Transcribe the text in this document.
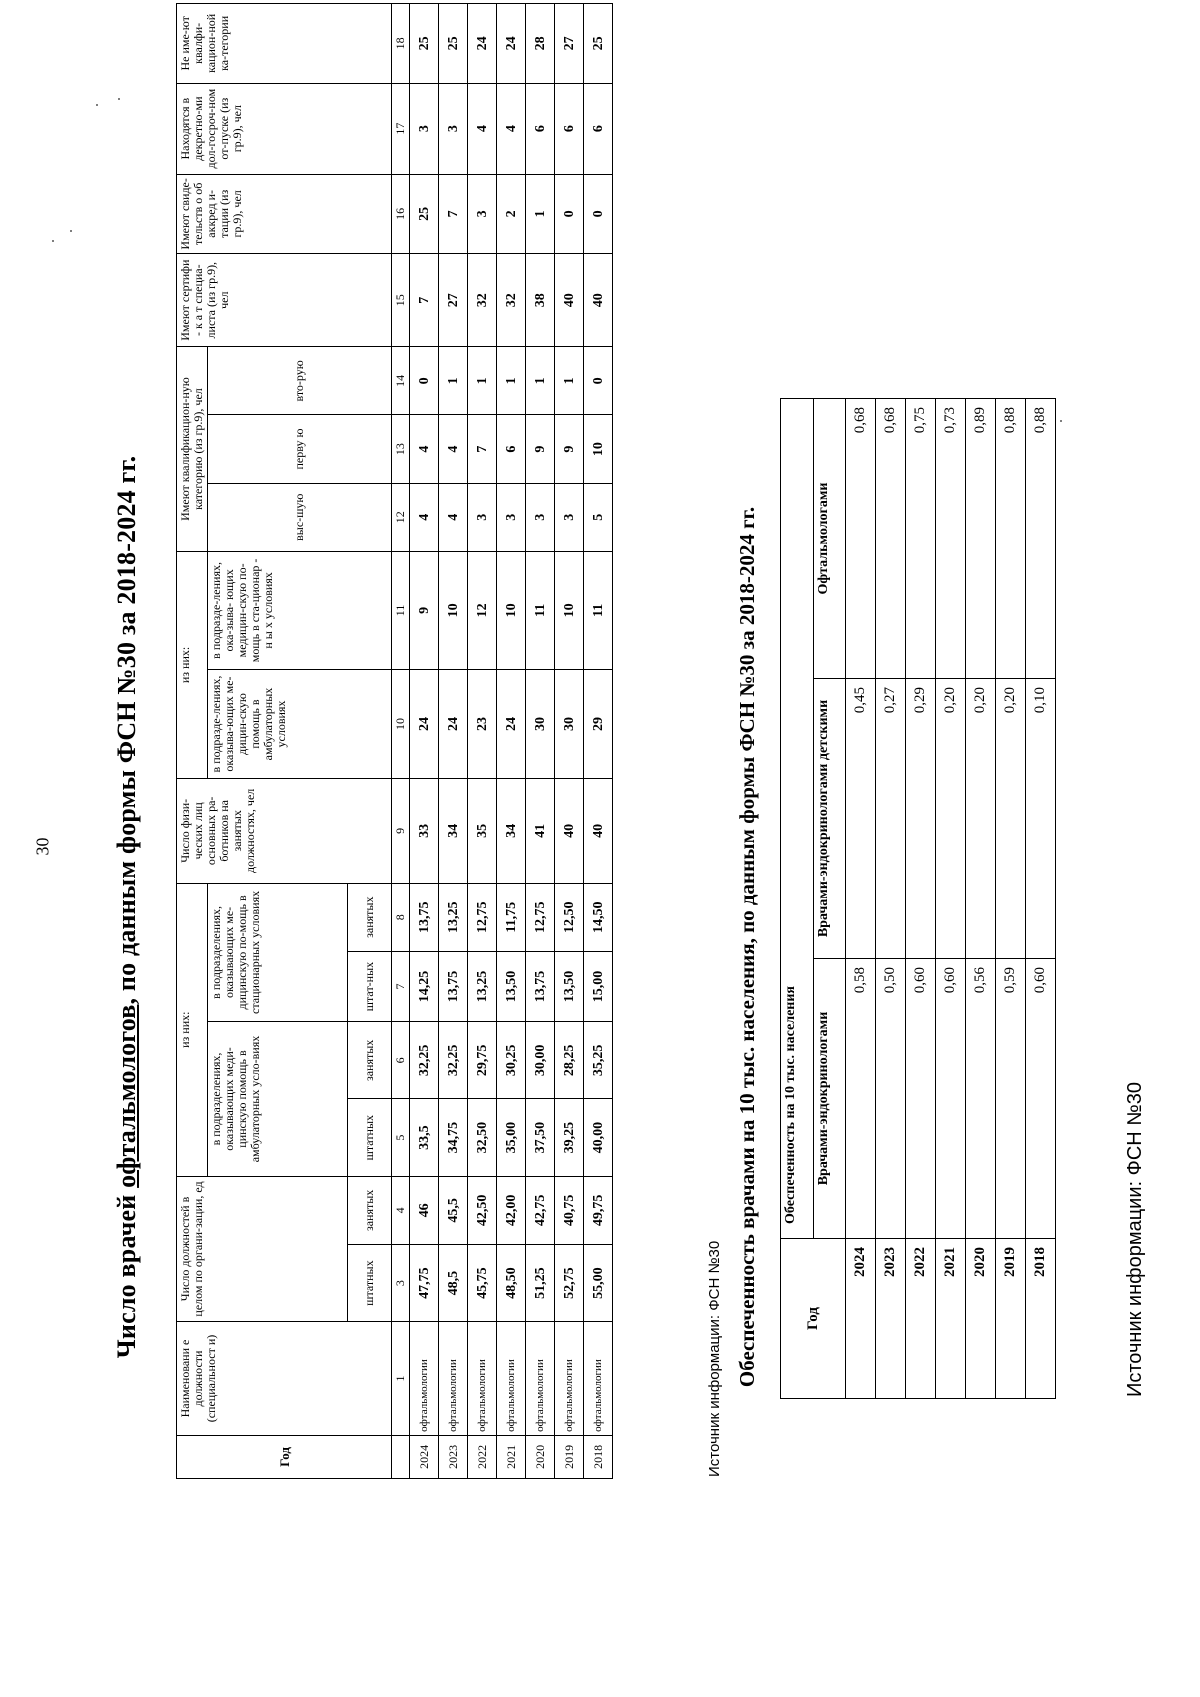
30
Число врачей офтальмологов, по данным формы ФСН №30 за 2018-2024 гг.
Год	Наименовани е должности (специальност и)	Число должностей в целом по органи-зации, ед		из них:				Число физи-ческих лиц основных ра-ботников на занятых должностях, чел	из них:		Имеют квалификацион-ную категорию (из гр.9), чел			Имеют сертифи - к а т специа-листа (из гр.9), чел	Имеют свиде-тельств о об аккред и-тации (из гр.9), чел	Находятся в декретно-ми дол-госроч-ном от-пуске (из гр.9), чел	Не име-ют квалфи-кацион-ной ка-тегории
				в подразделениях, оказывающих меди-цинскую помощь в амбулаторных усло-виях		в подразделениях, оказывающих ме-дицинскую по-мощь в стационарных условиях			в подразде-лениях, оказыва-ющих ме-дицин-скую помощь в амбулаторных условиях	в подразде-лениях, ока-зыва- ющих медицин-скую по-мощь в ста-ционар - н ы х условиях	выс-шую	перву ю	вто-рую				
		штатных	занятых	штатных	занятых	штат-ных	занятых										
	1	3	4	5	6	7	8	9	10	11	12	13	14	15	16	17	18
2024	офтальмологии	47,75	46	33,5	32,25	14,25	13,75	33	24	9	4	4	0	7	25	3	25
2023	офтальмологии	48,5	45,5	34,75	32,25	13,75	13,25	34	24	10	4	4	1	27	7	3	25
2022	офтальмологии	45,75	42,50	32,50	29,75	13,25	12,75	35	23	12	3	7	1	32	3	4	24
2021	офтальмологии	48,50	42,00	35,00	30,25	13,50	11,75	34	24	10	3	6	1	32	2	4	24
2020	офтальмологии	51,25	42,75	37,50	30,00	13,75	12,75	41	30	11	3	9	1	38	1	6	28
2019	офтальмологии	52,75	40,75	39,25	28,25	13,50	12,50	40	30	10	3	9	1	40	0	6	27
2018	офтальмологии	55,00	49,75	40,00	35,25	15,00	14,50	40	29	11	5	10	0	40	0	6	25
Источник информации: ФСН №30 Обеспеченность врачами на 10 тыс. населения, по данным формы ФСН №30 за 2018-2024 гг.	Год	Обеспеченность на 10 тыс. населения		
	Врачами-эндокринологами	Врачами-эндокринологами детскими	Офтальмологами
2024	0,58	0,45	0,68
2023	0,50	0,27	0,68
2022	0,60	0,29	0,75
2021	0,60	0,20	0,73
2020	0,56	0,20	0,89
2019	0,59	0,20	0,88
2018	0,60	0,10	0,88
Источник информации: ФСН №30
